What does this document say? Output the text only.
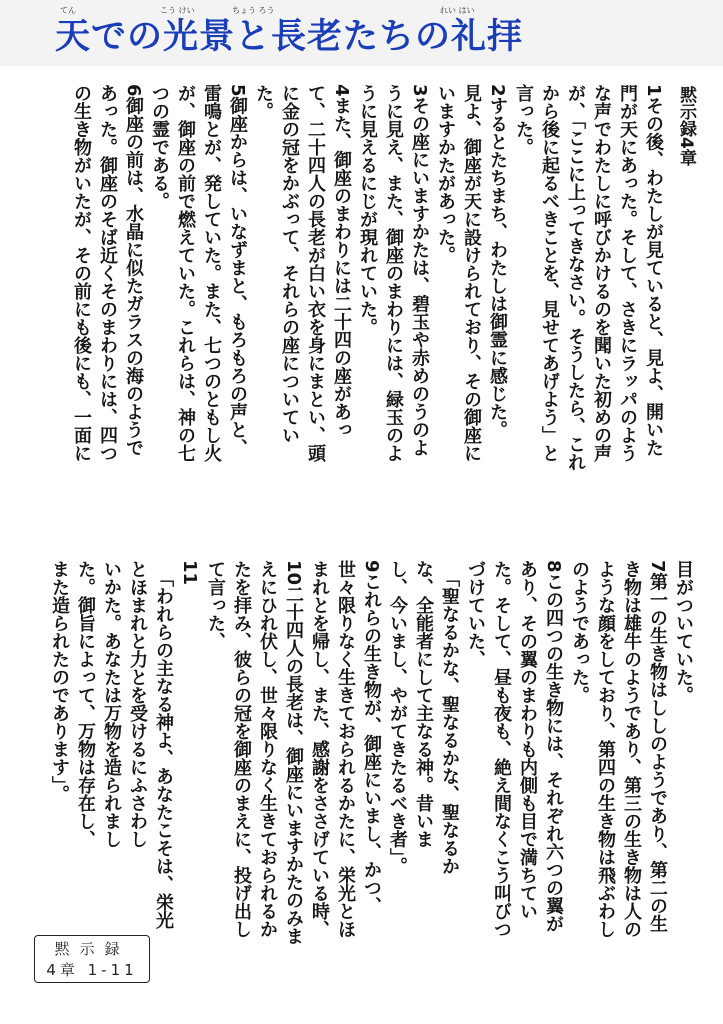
天での光景と長老たちの礼拝
てん	こう けい	ちょう ろう	れい はい
黙示録4章
1その後、わたしが見ていると、見よ、開いた
門が天にあった。そして、さきにラッパのよう
な声でわたしに呼びかけるのを聞いた初めの声
が、「ここに上ってきなさい。そうしたら、これ
から後に起るべきことを、見せてあげよう」と
言った。
2するとたちまち、わたしは御霊に感じた。
見よ、御座が天に設けられており、その御座に
いますかたがあった。
3その座にいますかたは、碧玉や赤めのうのよ
うに見え、また、御座のまわりには、緑玉のよ
うに見えるにじが現れていた。
4また、御座のまわりには二十四の座があっ
て、二十四人の長老が白い衣を身にまとい、頭
に金の冠をかぶって、それらの座についてい
た。
5御座からは、いなずまと、もろもろの声と、
雷鳴とが、発していた。また、七つのともし火
が、御座の前で燃えていた。これらは、神の七
つの霊である。
6御座の前は、水晶に似たガラスの海のようで
あった。御座のそば近くそのまわりには、四つ
の生き物がいたが、その前にも後にも、一面に
目がついていた。
7第一の生き物はししのようであり、第二の生
き物は雄牛のようであり、第三の生き物は人の
ような顔をしており、第四の生き物は飛ぶわし
のようであった。
8この四つの生き物には、それぞれ六つの翼が
あり、その翼のまわりも内側も目で満ちてい
た。そして、昼も夜も、絶え間なくこう叫びつ
づけていた、
　「聖なるかな、聖なるかな、聖なるか
な、全能者にして主なる神。昔いま
し、今いまし、やがてきたるべき者」。
9これらの生き物が、御座にいまし、かつ、
世々限りなく生きておられるかたに、栄光とほ
まれとを帰し、また、感謝をささげている時、
10二十四人の長老は、御座にいますかたのみま
えにひれ伏し、世々限りなく生きておられるか
たを拝み、彼らの冠を御座のまえに、投げ出し
て言った、
11
　「われらの主なる神よ、あなたこそは、栄光
とほまれと力とを受けるにふさわし
いかた。あなたは万物を造られまし
た。御旨によって、万物は存在し、
また造られたのであります」。
黙示録
4章 1-11
